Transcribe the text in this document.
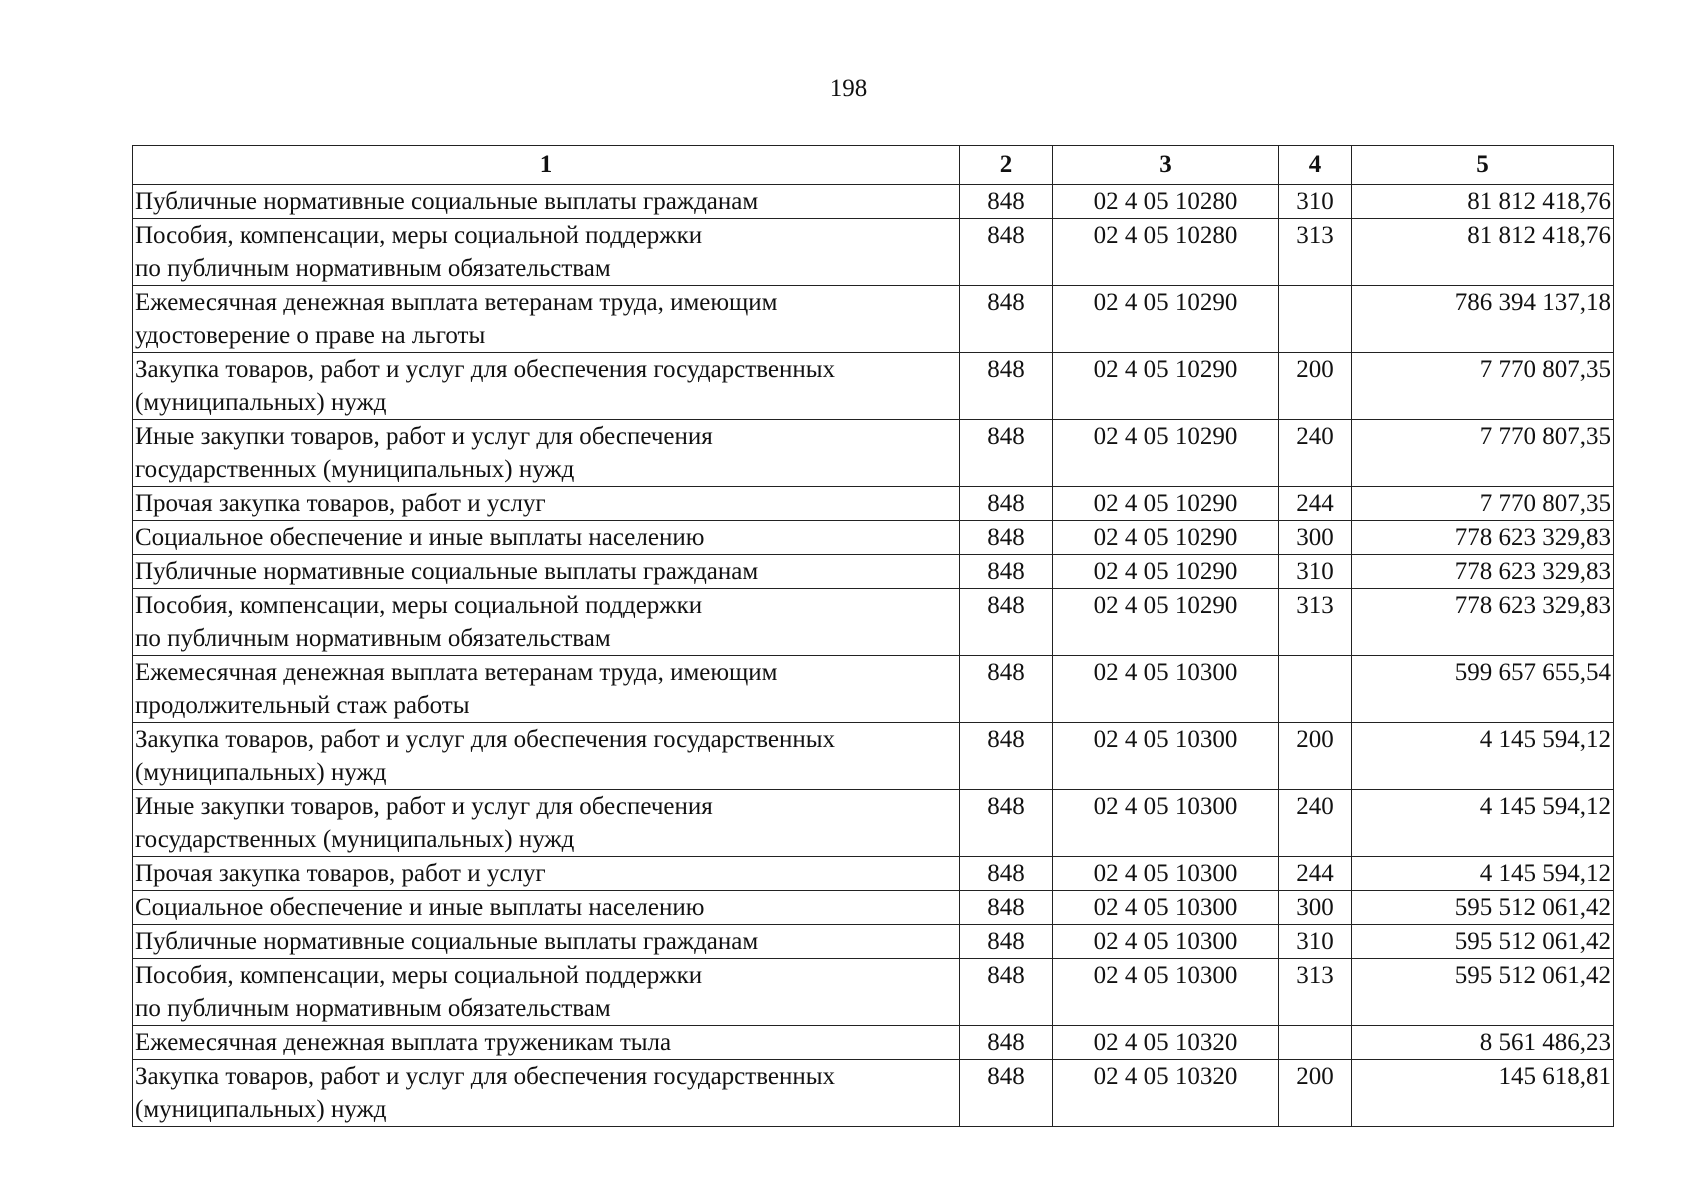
198
1	2	3	4	5
Публичные нормативные социальные выплаты гражданам	848	02 4 05 10280	310	81 812 418,76
Пособия, компенсации, меры социальной поддержки
по публичным нормативным обязательствам	848	02 4 05 10280	313	81 812 418,76
Ежемесячная денежная выплата ветеранам труда, имеющим
удостоверение о праве на льготы	848	02 4 05 10290		786 394 137,18
Закупка товаров, работ и услуг для обеспечения государственных
(муниципальных) нужд	848	02 4 05 10290	200	7 770 807,35
Иные закупки товаров, работ и услуг для обеспечения
государственных (муниципальных) нужд	848	02 4 05 10290	240	7 770 807,35
Прочая закупка товаров, работ и услуг	848	02 4 05 10290	244	7 770 807,35
Социальное обеспечение и иные выплаты населению	848	02 4 05 10290	300	778 623 329,83
Публичные нормативные социальные выплаты гражданам	848	02 4 05 10290	310	778 623 329,83
Пособия, компенсации, меры социальной поддержки
по публичным нормативным обязательствам	848	02 4 05 10290	313	778 623 329,83
Ежемесячная денежная выплата ветеранам труда, имеющим
продолжительный стаж работы	848	02 4 05 10300		599 657 655,54
Закупка товаров, работ и услуг для обеспечения государственных
(муниципальных) нужд	848	02 4 05 10300	200	4 145 594,12
Иные закупки товаров, работ и услуг для обеспечения
государственных (муниципальных) нужд	848	02 4 05 10300	240	4 145 594,12
Прочая закупка товаров, работ и услуг	848	02 4 05 10300	244	4 145 594,12
Социальное обеспечение и иные выплаты населению	848	02 4 05 10300	300	595 512 061,42
Публичные нормативные социальные выплаты гражданам	848	02 4 05 10300	310	595 512 061,42
Пособия, компенсации, меры социальной поддержки
по публичным нормативным обязательствам	848	02 4 05 10300	313	595 512 061,42
Ежемесячная денежная выплата труженикам тыла	848	02 4 05 10320		8 561 486,23
Закупка товаров, работ и услуг для обеспечения государственных
(муниципальных) нужд	848	02 4 05 10320	200	145 618,81
